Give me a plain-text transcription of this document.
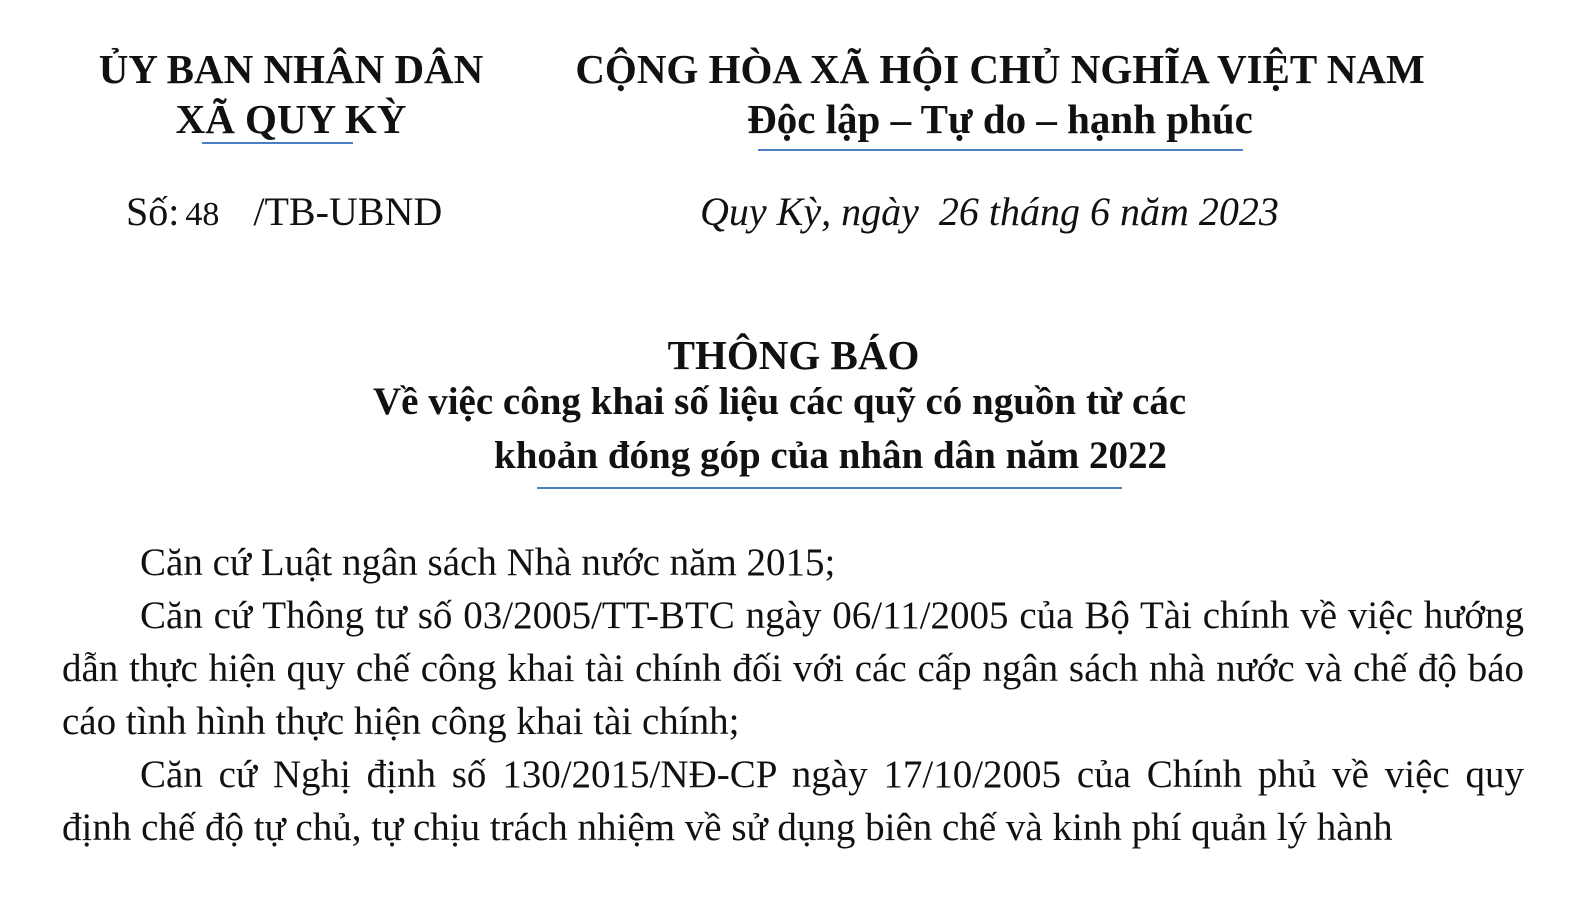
ỦY BAN NHÂN DÂN
XÃ QUY KỲ
CỘNG HÒA XÃ HỘI CHỦ NGHĨA VIỆT NAM
Độc lập – Tự do – hạnh phúc
Số: 48 /TB-UBND	Quy Kỳ, ngày  26 tháng 6 năm 2023
THÔNG BÁO
Về việc công khai số liệu các quỹ có nguồn từ các
khoản đóng góp của nhân dân năm 2022

Căn cứ Luật ngân sách Nhà nước năm 2015;

Căn cứ Thông tư số 03/2005/TT-BTC ngày 06/11/2005 của Bộ Tài chính về việc hướng dẫn thực hiện quy chế công khai tài chính đối với các cấp ngân sách nhà nước và chế độ báo cáo tình hình thực hiện công khai tài chính;

Căn cứ Nghị định số 130/2015/NĐ-CP ngày 17/10/2005 của Chính phủ về việc quy định chế độ tự chủ, tự chịu trách nhiệm về sử dụng biên chế và kinh phí quản lý hành
